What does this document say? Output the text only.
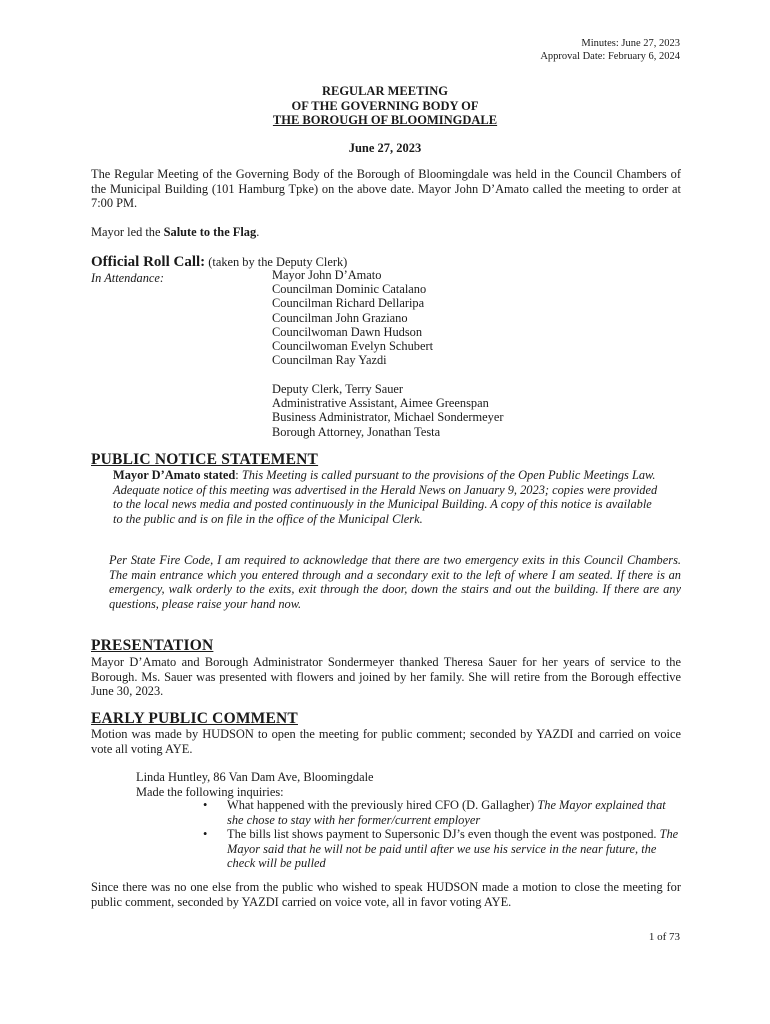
Minutes: June 27, 2023
Approval Date: February 6, 2024
REGULAR MEETING
OF THE GOVERNING BODY OF
THE BOROUGH OF BLOOMINGDALE
June 27, 2023

The Regular Meeting of the Governing Body of the Borough of Bloomingdale was held in the Council Chambers of the Municipal Building (101 Hamburg Tpke) on the above date. Mayor John D’Amato called the meeting to order at 7:00 PM.

Mayor led the Salute to the Flag.

Official Roll Call: (taken by the Deputy Clerk)
In Attendance:	Mayor John D’Amato
Councilman Dominic Catalano
Councilman Richard Dellaripa
Councilman John Graziano
Councilwoman Dawn Hudson
Councilwoman Evelyn Schubert
Councilman Ray Yazdi
Deputy Clerk, Terry Sauer
Administrative Assistant, Aimee Greenspan
Business Administrator, Michael Sondermeyer
Borough Attorney, Jonathan Testa
PUBLIC NOTICE STATEMENT

Mayor D’Amato stated: This Meeting is called pursuant to the provisions of the Open Public Meetings Law. Adequate notice of this meeting was advertised in the Herald News on January 9, 2023; copies were provided to the local news media and posted continuously in the Municipal Building. A copy of this notice is available to the public and is on file in the office of the Municipal Clerk.

Per State Fire Code, I am required to acknowledge that there are two emergency exits in this Council Chambers. The main entrance which you entered through and a secondary exit to the left of where I am seated. If there is an emergency, walk orderly to the exits, exit through the door, down the stairs and out the building. If there are any questions, please raise your hand now.

PRESENTATION

Mayor D’Amato and Borough Administrator Sondermeyer thanked Theresa Sauer for her years of service to the Borough. Ms. Sauer was presented with flowers and joined by her family. She will retire from the Borough effective June 30, 2023.

EARLY PUBLIC COMMENT

Motion was made by HUDSON to open the meeting for public comment; seconded by YAZDI and carried on voice vote all voting AYE.

Linda Huntley, 86 Van Dam Ave, Bloomingdale
Made the following inquiries:
• What happened with the previously hired CFO (D. Gallagher) The Mayor explained that she chose to stay with her former/current employer
• The bills list shows payment to Supersonic DJ’s even though the event was postponed. The Mayor said that he will not be paid until after we use his service in the near future, the check will be pulled

Since there was no one else from the public who wished to speak HUDSON made a motion to close the meeting for public comment, seconded by YAZDI carried on voice vote, all in favor voting AYE.

1 of 73
